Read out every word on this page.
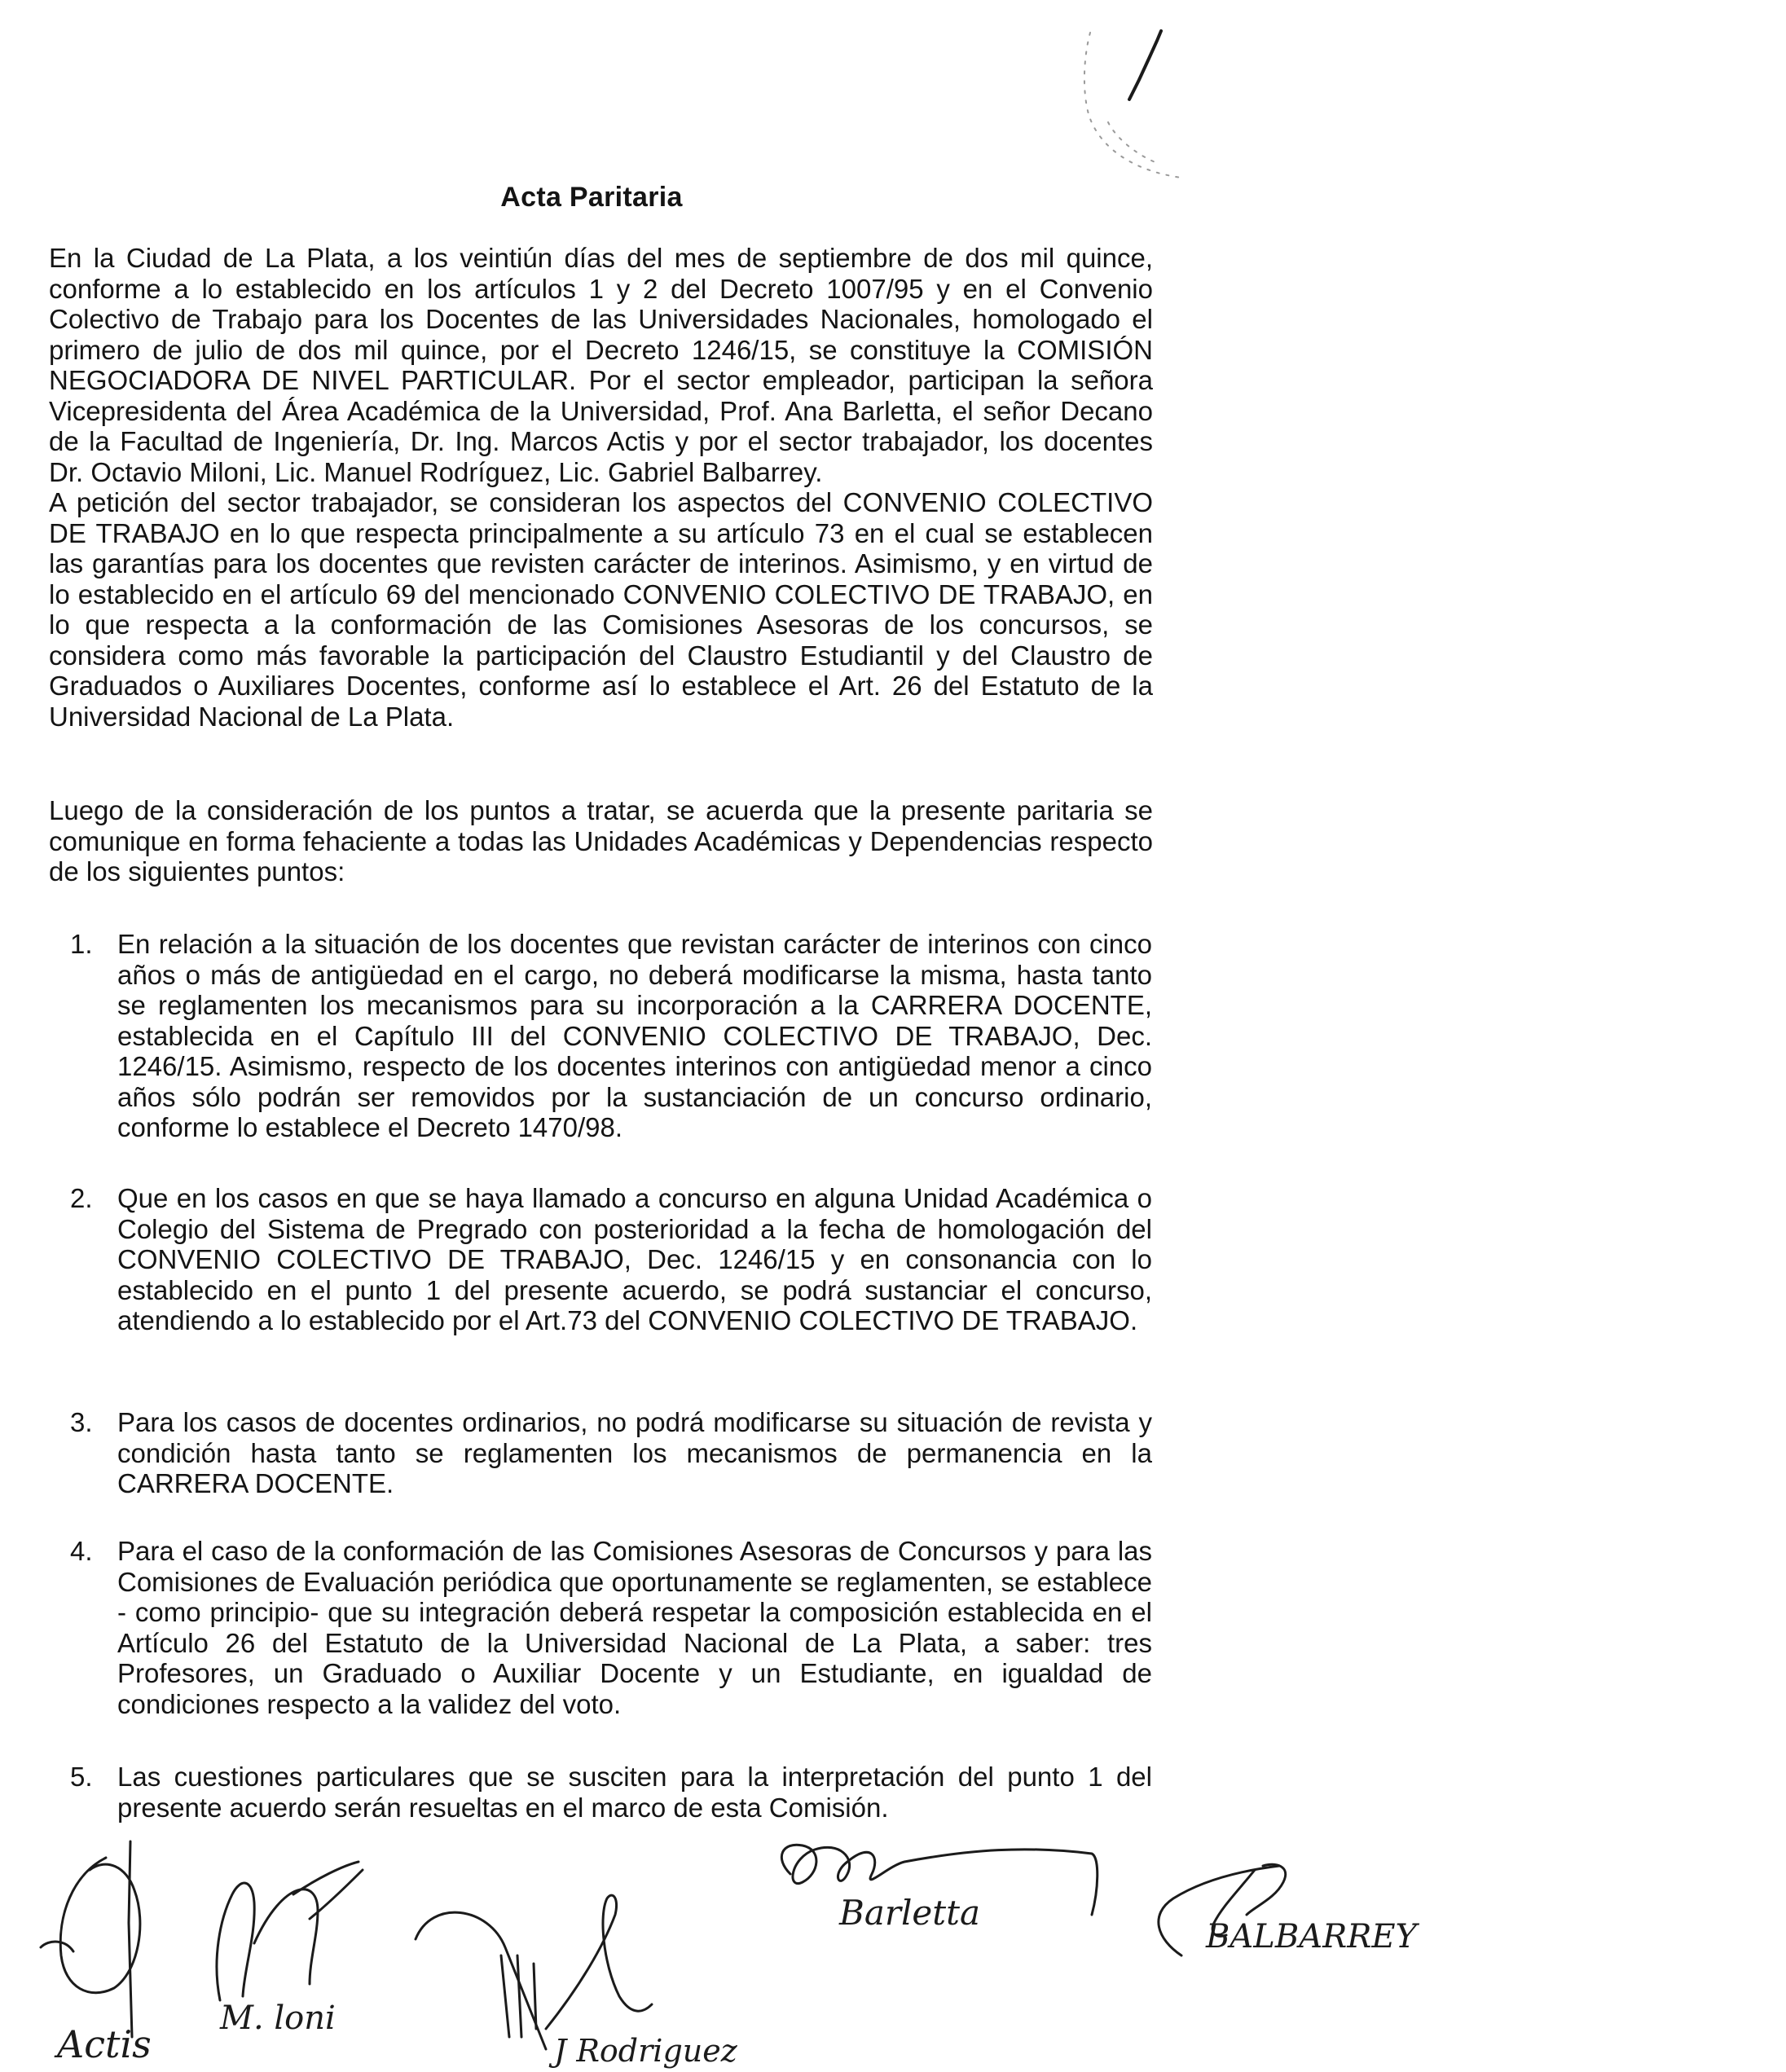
Acta Paritaria

En la Ciudad de La Plata, a los veintiún días del mes de septiembre de dos mil quince, conforme a lo establecido en los artículos 1 y 2 del Decreto 1007/95 y en el Convenio Colectivo de Trabajo para los Docentes de las Universidades Nacionales, homologado el primero de julio de dos mil quince, por el Decreto 1246/15, se constituye la COMISIÓN NEGOCIADORA DE NIVEL PARTICULAR. Por el sector empleador, participan la señora Vicepresidenta del Área Académica de la Universidad, Prof. Ana Barletta, el señor Decano de la Facultad de Ingeniería, Dr. Ing. Marcos Actis y por el sector trabajador, los docentes Dr. Octavio Miloni, Lic. Manuel Rodríguez, Lic. Gabriel Balbarrey.

A petición del sector trabajador, se consideran los aspectos del CONVENIO COLECTIVO DE TRABAJO en lo que respecta principalmente a su artículo 73 en el cual se establecen las garantías para los docentes que revisten carácter de interinos. Asimismo, y en virtud de lo establecido en el artículo 69 del mencionado CONVENIO COLECTIVO DE TRABAJO, en lo que respecta a la conformación de las Comisiones Asesoras de los concursos, se considera como más favorable la participación del Claustro Estudiantil y del Claustro de Graduados o Auxiliares Docentes, conforme así lo establece el Art. 26 del Estatuto de la Universidad Nacional de La Plata.

Luego de la consideración de los puntos a tratar, se acuerda que la presente paritaria se comunique en forma fehaciente a todas las Unidades Académicas y Dependencias respecto de los siguientes puntos:

1. En relación a la situación de los docentes que revistan carácter de interinos con cinco años o más de antigüedad en el cargo, no deberá modificarse la misma, hasta tanto se reglamenten los mecanismos para su incorporación a la CARRERA DOCENTE, establecida en el Capítulo III del CONVENIO COLECTIVO DE TRABAJO, Dec. 1246/15. Asimismo, respecto de los docentes interinos con antigüedad menor a cinco años sólo podrán ser removidos por la sustanciación de un concurso ordinario, conforme lo establece el Decreto 1470/98.
2. Que en los casos en que se haya llamado a concurso en alguna Unidad Académica o Colegio del Sistema de Pregrado con posterioridad a la fecha de homologación del CONVENIO COLECTIVO DE TRABAJO, Dec. 1246/15 y en consonancia con lo establecido en el punto 1 del presente acuerdo, se podrá sustanciar el concurso, atendiendo a lo establecido por el Art.73 del CONVENIO COLECTIVO DE TRABAJO.
3. Para los casos de docentes ordinarios, no podrá modificarse su situación de revista y condición hasta tanto se reglamenten los mecanismos de permanencia en la CARRERA DOCENTE.
4. Para el caso de la conformación de las Comisiones Asesoras de Concursos y para las Comisiones de Evaluación periódica que oportunamente se reglamenten, se establece - como principio- que su integración deberá respetar la composición establecida en el Artículo 26 del Estatuto de la Universidad Nacional de La Plata, a saber: tres Profesores, un Graduado o Auxiliar Docente y un Estudiante, en igualdad de condiciones respecto a la validez del voto.
5. Las cuestiones particulares que se susciten para la interpretación del punto 1 del presente acuerdo serán resueltas en el marco de esta Comisión.
Actis
M. loni
J Rodriguez
Barletta
BALBARREY
